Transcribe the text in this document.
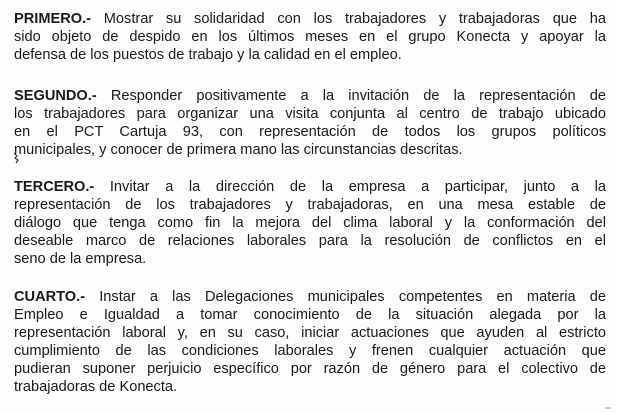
PRIMERO.- Mostrar su solidaridad con los trabajadores y trabajadoras que ha
sido objeto de despido en los últimos meses en el grupo Konecta y apoyar la
defensa de los puestos de trabajo y la calidad en el empleo.
SEGUNDO.- Responder positivamente a la invitación de la representación de
los trabajadores para organizar una visita conjunta al centro de trabajo ubicado
en el PCT Cartuja 93, con representación de todos los grupos políticos
municipales, y conocer de primera mano las circunstancias descritas.
TERCERO.- Invitar a la dirección de la empresa a participar, junto a la
representación de los trabajadores y trabajadoras, en una mesa estable de
diálogo que tenga como fin la mejora del clima laboral y la conformación del
deseable marco de relaciones laborales para la resolución de conflictos en el
seno de la empresa.
CUARTO.- Instar a las Delegaciones municipales competentes en materia de
Empleo e Igualdad a tomar conocimiento de la situación alegada por la
representación laboral y, en su caso, iniciar actuaciones que ayuden al estricto
cumplimiento de las condiciones laborales y frenen cualquier actuación que
pudieran suponer perjuicio específico por razón de género para el colectivo de
trabajadoras de Konecta.
